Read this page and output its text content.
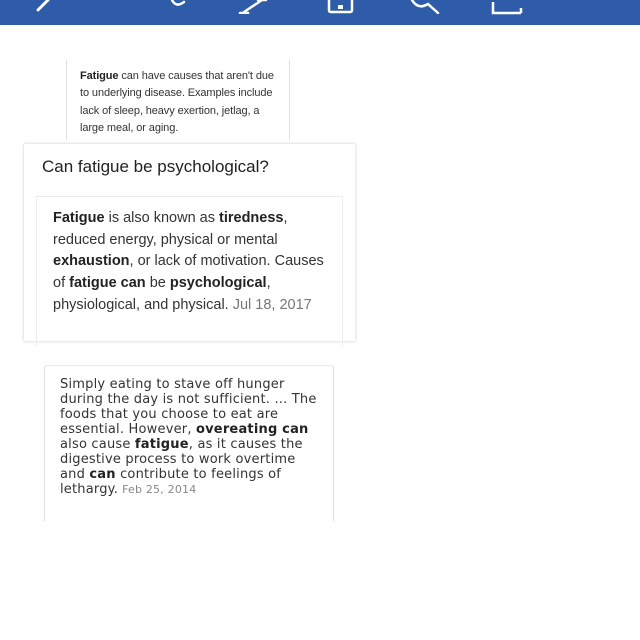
Fatigue can have causes that aren't due to underlying disease. Examples include lack of sleep, heavy exertion, jetlag, a large meal, or aging.

Can fatigue be psychological?

Fatigue is also known as tiredness, reduced energy, physical or mental exhaustion, or lack of motivation. Causes of fatigue can be psychological, physiological, and physical. Jul 18, 2017

Simply eating to stave off hunger during the day is not sufficient. ... The foods that you choose to eat are essential. However, overeating can also cause fatigue, as it causes the digestive process to work overtime and can contribute to feelings of lethargy. Feb 25, 2014
